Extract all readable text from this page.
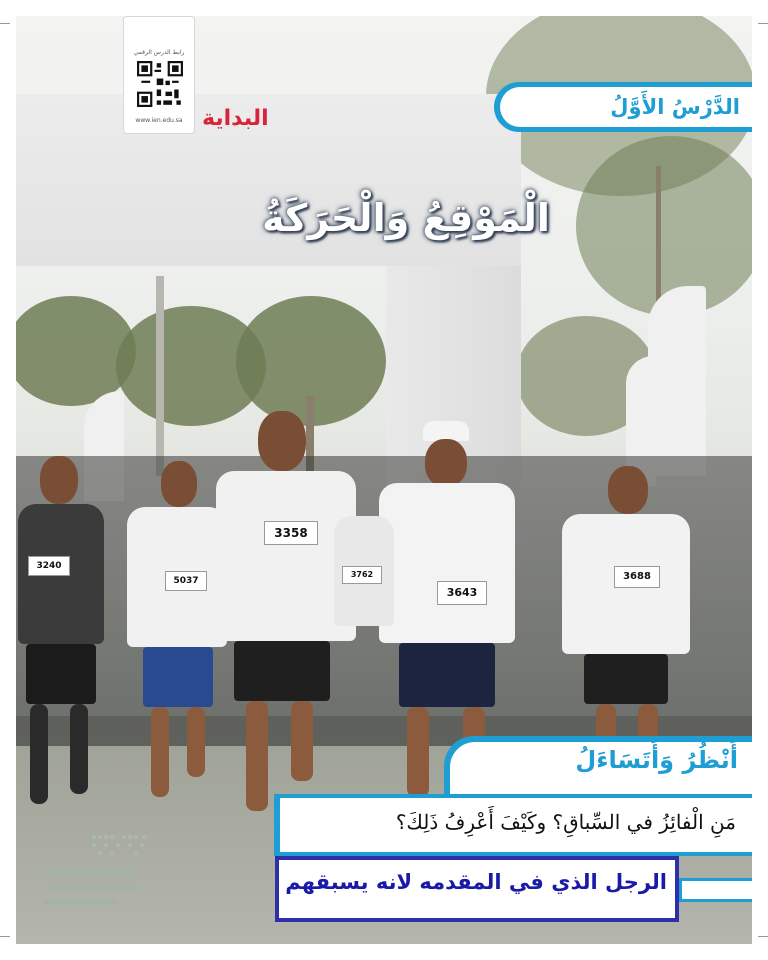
3358
3643
3688
5037
3240
3762
رابط الدرس الرقمي
www.ien.edu.sa البداية	الدَّرْسُ الأَوَّلُ
الْمَوْقِعُ وَالْحَرَكَةُ
أَنْظُرُ وَأَتَسَاءَلُ
مَنِ الْفائِزُ في السِّباقِ؟ وكَيْفَ أَعْرِفُ ذَلِكَ؟
الرجل الذي في المقدمه لانه يسبقهم
